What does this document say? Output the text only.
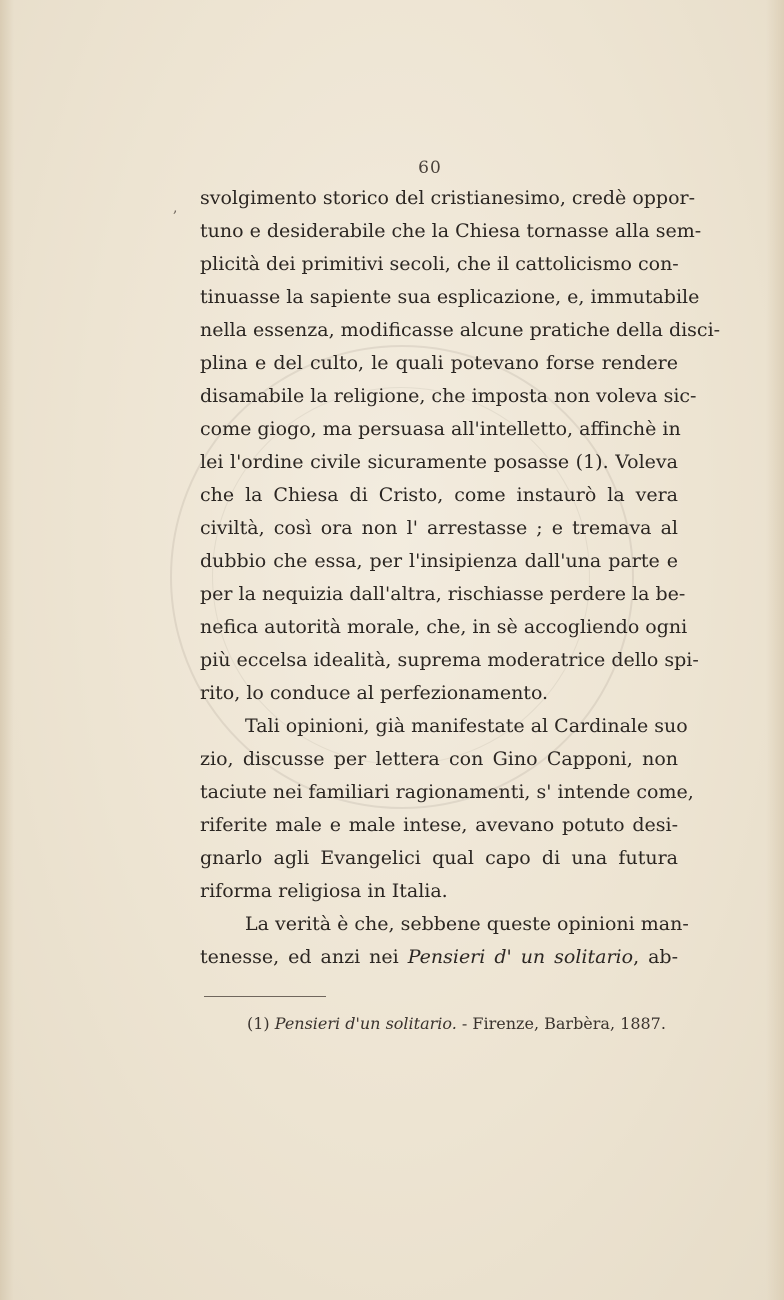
60
, svolgimento storico del cristianesimo, credè oppor-
tuno e desiderabile che la Chiesa tornasse alla sem-
plicità dei primitivi secoli, che il cattolicismo con-
tinuasse la sapiente sua esplicazione, e, immutabile
nella essenza, modificasse alcune pratiche della disci-
plina e del culto, le quali potevano forse rendere
disamabile la religione, che imposta non voleva sic-
come giogo, ma persuasa all'intelletto, affinchè in
lei l'ordine civile sicuramente posasse (1). Voleva
che la Chiesa di Cristo, come instaurò la vera
civiltà, così ora non l' arrestasse ; e tremava al
dubbio che essa, per l'insipienza dall'una parte e
per la nequizia dall'altra, rischiasse perdere la be-
nefica autorità morale, che, in sè accogliendo ogni
più eccelsa idealità, suprema moderatrice dello spi-
rito, lo conduce al perfezionamento.
Tali opinioni, già manifestate al Cardinale suo
zio, discusse per lettera con Gino Capponi, non
taciute nei familiari ragionamenti, s' intende come,
riferite male e male intese, avevano potuto desi-
gnarlo agli Evangelici qual capo di una futura
riforma religiosa in Italia.
La verità è che, sebbene queste opinioni man-
tenesse, ed anzi nei Pensieri d' un solitario, ab-
(1) Pensieri d'un solitario. - Firenze, Barbèra, 1887.
